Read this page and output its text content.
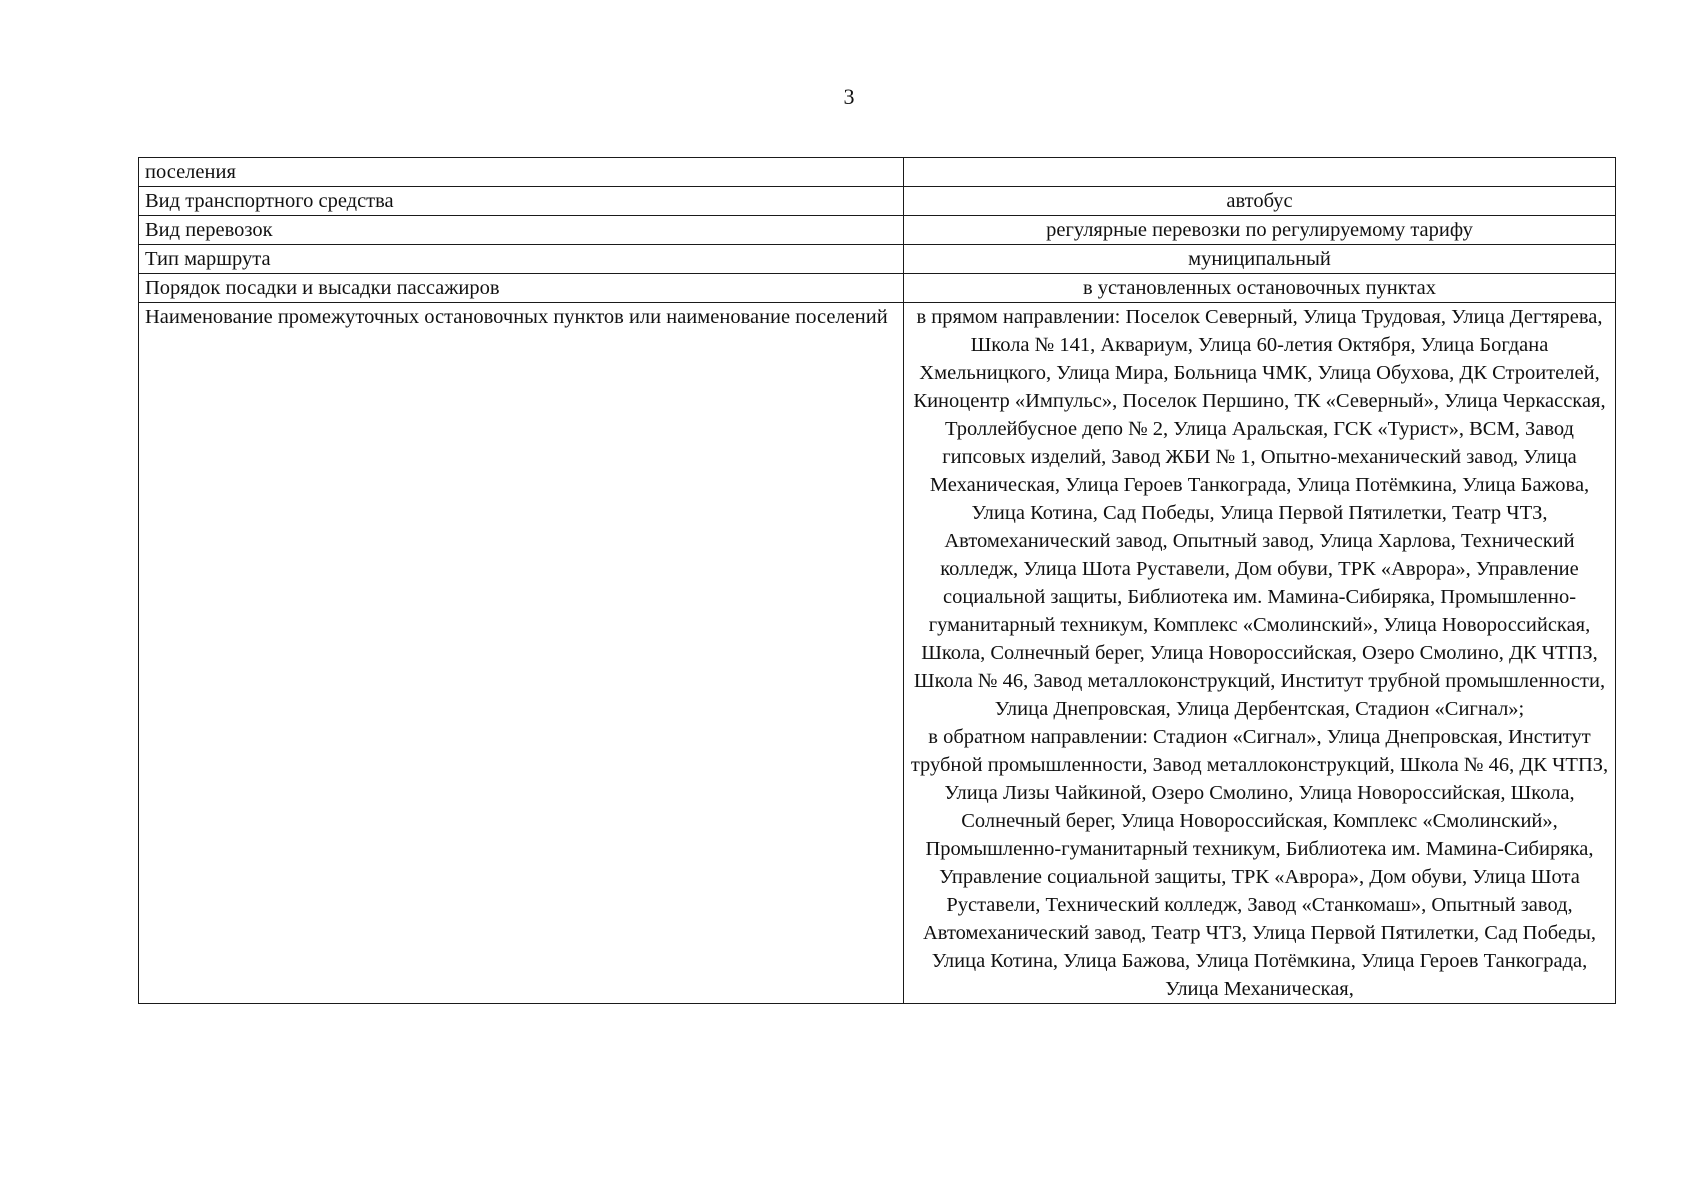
3
поселения	
Вид транспортного средства	автобус
Вид перевозок	регулярные перевозки по регулируемому тарифу
Тип маршрута	муниципальный
Порядок посадки и высадки пассажиров	в установленных остановочных пунктах
Наименование промежуточных остановочных пунктов или наименование поселений	в прямом направлении: Поселок Северный, Улица Трудовая, Улица Дегтярева, Школа № 141, Аквариум, Улица 60-летия Октября, Улица Богдана Хмельницкого, Улица Мира, Больница ЧМК, Улица Обухова, ДК Строителей, Киноцентр «Импульс», Поселок Першино, ТК «Северный», Улица Черкасская, Троллейбусное депо № 2, Улица Аральская, ГСК «Турист», ВСМ, Завод гипсовых изделий, Завод ЖБИ № 1, Опытно-механический завод, Улица Механическая, Улица Героев Танкограда, Улица Потёмкина, Улица Бажова, Улица Котина, Сад Победы, Улица Первой Пятилетки, Театр ЧТЗ, Автомеханический завод, Опытный завод, Улица Харлова, Технический колледж, Улица Шота Руставели, Дом обуви, ТРК «Аврора», Управление социальной защиты, Библиотека им. Мамина-Сибиряка, Промышленно-гуманитарный техникум, Комплекс «Смолинский», Улица Новороссийская, Школа, Солнечный берег, Улица Новороссийская, Озеро Смолино, ДК ЧТПЗ, Школа № 46, Завод металлоконструкций, Институт трубной промышленности, Улица Днепровская, Улица Дербентская, Стадион «Сигнал»;
в обратном направлении: Стадион «Сигнал», Улица Днепровская, Институт трубной промышленности, Завод металлоконструкций, Школа № 46, ДК ЧТПЗ, Улица Лизы Чайкиной, Озеро Смолино, Улица Новороссийская, Школа, Солнечный берег, Улица Новороссийская, Комплекс «Смолинский», Промышленно-гуманитарный техникум, Библиотека им. Мамина-Сибиряка, Управление социальной защиты, ТРК «Аврора», Дом обуви, Улица Шота Руставели, Технический колледж, Завод «Станкомаш», Опытный завод, Автомеханический завод, Театр ЧТЗ, Улица Первой Пятилетки, Сад Победы, Улица Котина, Улица Бажова, Улица Потёмкина, Улица Героев Танкограда, Улица Механическая,
